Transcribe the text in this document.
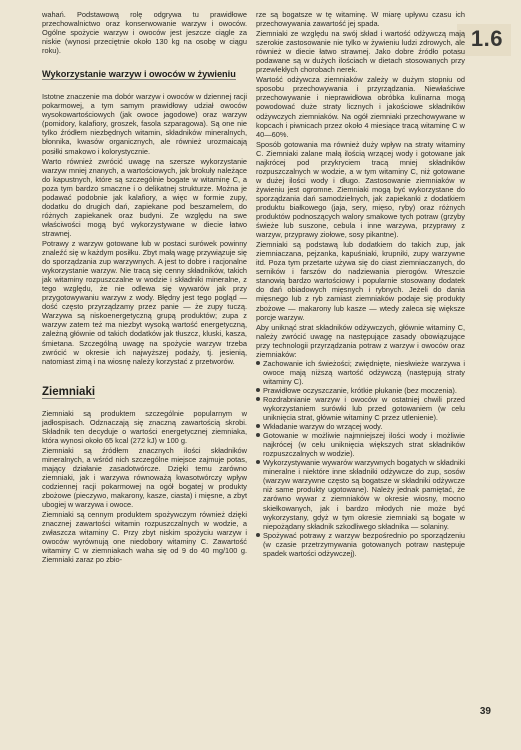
1.6

wahań. Podstawową rolę odgrywa tu prawidłowe przechowalnictwo oraz konserwowanie warzyw i owoców. Ogólne spożycie warzyw i owoców jest jeszcze ciągle za niskie (wynosi przeciętnie około 130 kg na osobę w ciągu roku).

Wykorzystanie warzyw i owoców w żywieniu

Istotne znaczenie ma dobór warzyw i owoców w dziennej racji pokarmowej, a tym samym prawidłowy udział owoców wysokowartościowych (jak owoce jagodowe) oraz warzyw (pomidory, kalafiory, groszek, fasola szparagowa). Są one nie tylko źródłem niezbędnych witamin, składników mineralnych, błonnika, kwasów organicznych, ale również urozmaicają posiłki smakowo i kolorystycznie.

Warto również zwrócić uwagę na szersze wykorzystanie warzyw mniej znanych, a wartościowych, jak brokuły należące do kapustnych, które są szczególnie bogate w witaminę C, a poza tym bardzo smaczne i o delikatnej strukturze. Można je podawać podobnie jak kalafiory, a więc w formie zupy, dodatku do drugich dań, zapiekane pod beszamelem, do różnych zapiekanek oraz budyni. Ze względu na swe właściwości mogą być wykorzystywane w diecie łatwo strawnej.

Potrawy z warzyw gotowane lub w postaci surówek powinny znaleźć się w każdym posiłku. Zbyt małą wagę przywiązuje się do sporządzania zup warzywnych. A jest to dobre i racjonalne wykorzystanie warzyw. Nie tracą się cenny składników, takich jak witaminy rozpuszczalne w wodzie i składniki mineralne, z tego względu, że nie odlewa się wywarów jak przy przygotowywaniu warzyw z wody. Błędny jest tego pogląd — dość często przyrządzamy przez panie — że zupy tuczą. Warzywa są niskoenergetyczną grupą produktów; zupa z warzyw zatem też ma niezbyt wysoką wartość energetyczną, zależną głównie od takich dodatków jak tłuszcz, kluski, kasza, śmietana. Szczególną uwagę na spożycie warzyw trzeba zwrócić w okresie ich najwyższej podaży, tj. jesienią, natomiast zimą i na wiosnę należy korzystać z przetworów.

Ziemniaki

Ziemniaki są produktem szczególnie popularnym w jadłospisach. Odznaczają się znaczną zawartością skrobi. Składnik ten decyduje o wartości energetycznej ziemniaka, która wynosi około 65 kcal (272 kJ) w 100 g.

Ziemniaki są źródłem znacznych ilości składników mineralnych, a wśród nich szczególne miejsce zajmuje potas, mający działanie zasadotwórcze. Dzięki temu zarówno ziemniaki, jak i warzywa równoważą kwasotwórczy wpływ codziennej racji pokarmowej na ogół bogatej w produkty zbożowe (pieczywo, makarony, kasze, ciasta) i mięsne, a zbyt ubogiej w warzywa i owoce.

Ziemniaki są cennym produktem spożywczym również dzięki znacznej zawartości witamin rozpuszczalnych w wodzie, a zwłaszcza witaminy C. Przy zbyt niskim spożyciu warzyw i owoców wyrównują one niedobory witaminy C. Zawartość witaminy C w ziemniakach waha się od 9 do 40 mg/100 g. Ziemniaki zaraz po zbio-

rze są bogatsze w tę witaminę. W miarę upływu czasu ich przechowywania zawartość jej spada.

Ziemniaki ze względu na swój skład i wartość odżywczą mają szerokie zastosowanie nie tylko w żywieniu ludzi zdrowych, ale również w diecie łatwo strawnej. Jako dobre źródło potasu podawane są w dużych ilościach w dietach stosowanych przy przewlekłych chorobach nerek.

Wartość odżywcza ziemniaków zależy w dużym stopniu od sposobu przechowywania i przyrządzania. Niewłaściwe przechowywanie i nieprawidłowa obróbka kulinarna mogą powodować duże straty licznych i jakościowe składników odżywczych ziemniaków. Na ogół ziemniaki przechowywane w kopcach i piwnicach przez około 4 miesiące tracą witaminę C w 40—60%.

Sposób gotowania ma również duży wpływ na straty witaminy C. Ziemniaki zalane małą ilością wrzącej wody i gotowane jak najkrócej pod przykryciem tracą mniej składników rozpuszczalnych w wodzie, a w tym witaminy C, niż gotowane w dużej ilości wody i długo. Zastosowanie ziemniaków w żywieniu jest ogromne. Ziemniaki mogą być wykorzystane do sporządzania dań samodzielnych, jak zapiekanki z dodatkiem produktu białkowego (jaja, sery, mięso, ryby) oraz różnych produktów podnoszących walory smakowe tych potraw (grzyby świeże lub suszone, cebula i inne warzywa, przyprawy z warzyw, przyprawy ziołowe, sosy pikantne).

Ziemniaki są podstawą lub dodatkiem do takich zup, jak ziemniaczana, pejzanka, kapuśniaki, krupniki, zupy warzywne itd. Poza tym przetarte używa się do ciast ziemniaczanych, do serników i farszów do nadziewania pierogów. Wreszcie stanowią bardzo wartościowy i popularnie stosowany dodatek do dań obiadowych mięsnych i rybnych. Jeżeli do dania mięsnego lub z ryb zamiast ziemniaków podaje się produkty zbożowe — makarony lub kasze — wtedy zaleca się większe porcje warzyw.

Aby uniknąć strat składników odżywczych, głównie witaminy C, należy zwrócić uwagę na następujące zasady obowiązujące przy technologii przyrządzania potraw z warzyw i owoców oraz ziemniaków:

Zachowanie ich świeżości; zwiędnięte, niesłwieże warzywa i owoce mają niższą wartość odżywczą (następują straty witaminy C).
Prawidłowe oczyszczanie, krótkie płukanie (bez moczenia).
Rozdrabnianie warzyw i owoców w ostatniej chwili przed wykorzystaniem surówki lub przed gotowaniem (w celu uniknięcia strat, głównie witaminy C przez utlenienie).
Wkładanie warzyw do wrzącej wody.
Gotowanie w możliwie najmniejszej ilości wody i możliwie najkrócej (w celu uniknięcia większych strat składników rozpuszczalnych w wodzie).
Wykorzystywanie wywarów warzywnych bogatych w składniki mineralne i niektóre inne składniki odżywcze do zup, sosów (warzyw warzywne często są bogatsze w składniki odżywcze niż same produkty ugotowane). Należy jednak pamiętać, że zarówno wywar z ziemniaków w okresie wiosny, mocno skiełkowanych, jak i bardzo młodych nie może być wykorzystany, gdyż w tym okresie ziemniaki są bogate w niepożądany składnik szkodliwego składnika — solaniny.
Spożywać potrawy z warzyw bezpośrednio po sporządzeniu (w czasie przetrzymywania gotowanych potraw następuje spadek wartości odżywczej).
39
